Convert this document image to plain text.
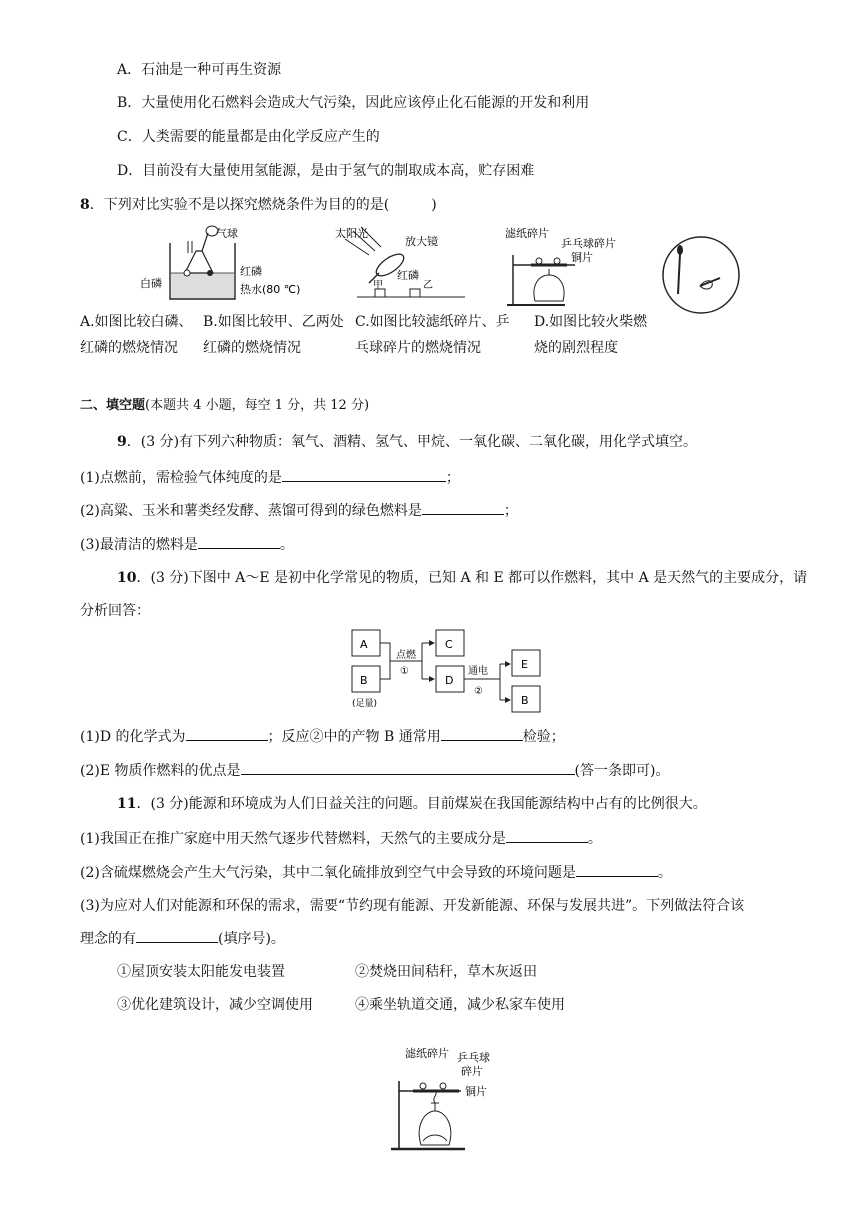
A．石油是一种可再生资源
B．大量使用化石燃料会造成大气污染，因此应该停止化石能源的开发和利用
C．人类需要的能量都是由化学反应产生的
D．目前没有大量使用氢能源，是由于氢气的制取成本高，贮存困难
8．下列对比实验不是以探究燃烧条件为目的的是(　　　)
气球
白磷
红磷
热水(80 ℃)
太阳光
放大镜
红磷
甲	乙
滤纸碎片
乒乓球碎片
铜片
A.如图比较白磷、
红磷的燃烧情况
B.如图比较甲、乙两处
红磷的燃烧情况
C.如图比较滤纸碎片、乒
乓球碎片的燃烧情况
D.如图比较火柴燃
烧的剧烈程度
二、填空题(本题共 4 小题，每空 1 分，共 12 分)
9．(3 分)有下列六种物质：氧气、酒精、氢气、甲烷、一氧化碳、二氧化碳，用化学式填空。
(1)点燃前，需检验气体纯度的是	；
(2)高粱、玉米和薯类经发酵、蒸馏可得到的绿色燃料是	；
(3)最清洁的燃料是	。
10．(3 分)下图中 A～E 是初中化学常见的物质，已知 A 和 E 都可以作燃料，其中 A 是天然气的主要成分，请
分析回答：
A
B
(足量)
点燃
①
C
D
通电
②
E
B
(1)D 的化学式为	；反应②中的产物 B 通常用	检验；
(2)E 物质作燃料的优点是	(答一条即可)。
11．(3 分)能源和环境成为人们日益关注的问题。目前煤炭在我国能源结构中占有的比例很大。
(1)我国正在推广家庭中用天然气逐步代替燃料，天然气的主要成分是	。
(2)含硫煤燃烧会产生大气污染，其中二氧化硫排放到空气中会导致的环境问题是	。
(3)为应对人们对能源和环保的需求，需要“节约现有能源、开发新能源、环保与发展共进”。下列做法符合该
理念的有	(填序号)。
①屋顶安装太阳能发电装置	②焚烧田间秸秆，草木灰返田
③优化建筑设计，减少空调使用	④乘坐轨道交通，减少私家车使用
滤纸碎片 乒乓球
碎片
铜片
